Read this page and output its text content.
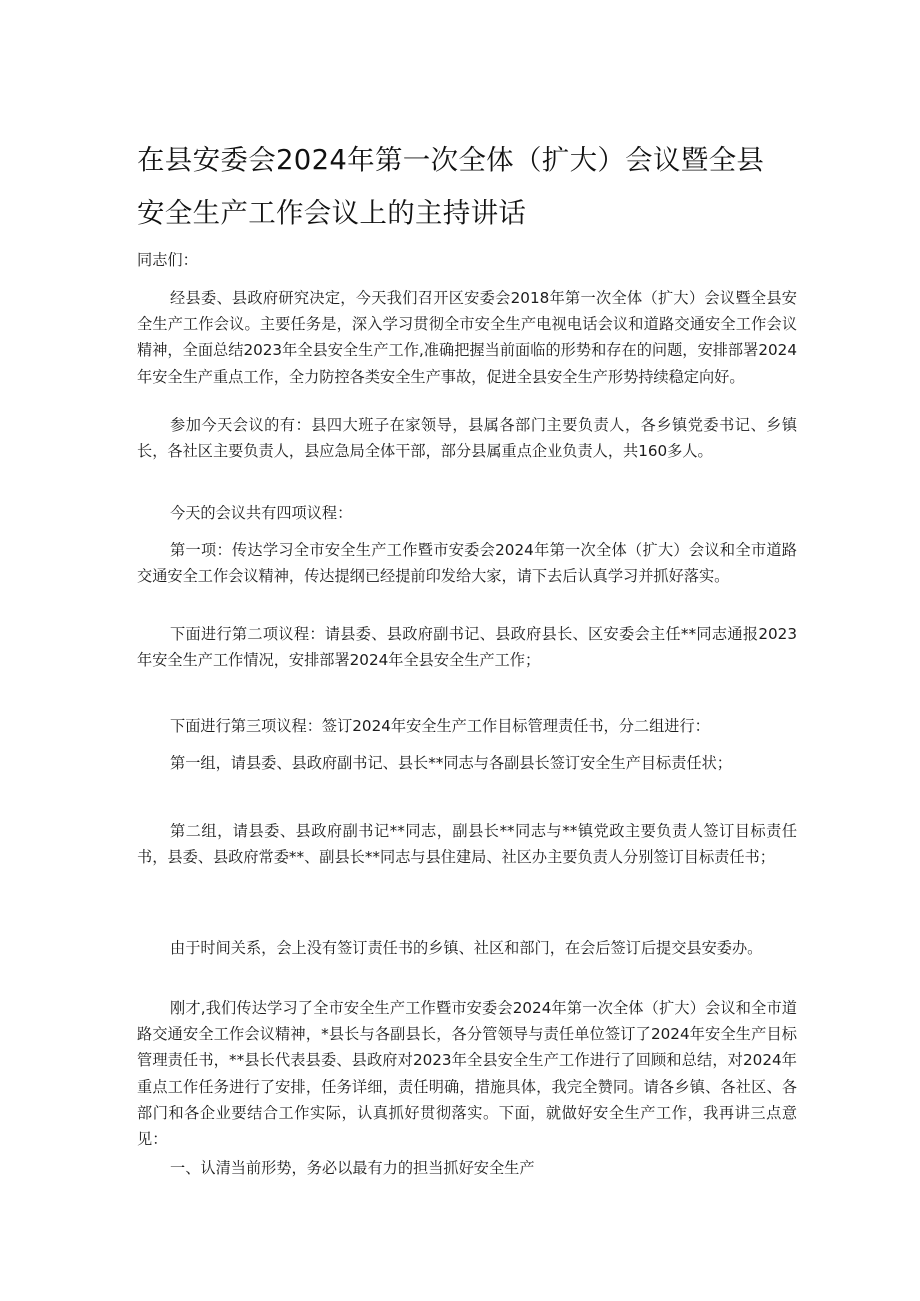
在县安委会2024年第一次全体（扩大）会议暨全县
安全生产工作会议上的主持讲话
同志们：
经县委、县政府研究决定，今天我们召开区安委会2018年第一次全体（扩大）会议暨全县安全生产工作会议。主要任务是，深入学习贯彻全市安全生产电视电话会议和道路交通安全工作会议精神，全面总结2023年全县安全生产工作,准确把握当前面临的形势和存在的问题，安排部署2024年安全生产重点工作，全力防控各类安全生产事故，促进全县安全生产形势持续稳定向好。
参加今天会议的有：县四大班子在家领导，县属各部门主要负责人，各乡镇党委书记、乡镇长，各社区主要负责人，县应急局全体干部，部分县属重点企业负责人，共160多人。
今天的会议共有四项议程：
第一项：传达学习全市安全生产工作暨市安委会2024年第一次全体（扩大）会议和全市道路交通安全工作会议精神，传达提纲已经提前印发给大家，请下去后认真学习并抓好落实。
下面进行第二项议程：请县委、县政府副书记、县政府县长、区安委会主任**同志通报2023年安全生产工作情况，安排部署2024年全县安全生产工作；
下面进行第三项议程：签订2024年安全生产工作目标管理责任书，分二组进行：
第一组，请县委、县政府副书记、县长**同志与各副县长签订安全生产目标责任状；
第二组，请县委、县政府副书记**同志，副县长**同志与**镇党政主要负责人签订目标责任书，县委、县政府常委**、副县长**同志与县住建局、社区办主要负责人分别签订目标责任书；
由于时间关系，会上没有签订责任书的乡镇、社区和部门，在会后签订后提交县安委办。
刚才,我们传达学习了全市安全生产工作暨市安委会2024年第一次全体（扩大）会议和全市道路交通安全工作会议精神，*县长与各副县长，各分管领导与责任单位签订了2024年安全生产目标管理责任书，**县长代表县委、县政府对2023年全县安全生产工作进行了回顾和总结，对2024年重点工作任务进行了安排，任务详细，责任明确，措施具体，我完全赞同。请各乡镇、各社区、各部门和各企业要结合工作实际，认真抓好贯彻落实。下面，就做好安全生产工作，我再讲三点意见：
一、认清当前形势，务必以最有力的担当抓好安全生产
